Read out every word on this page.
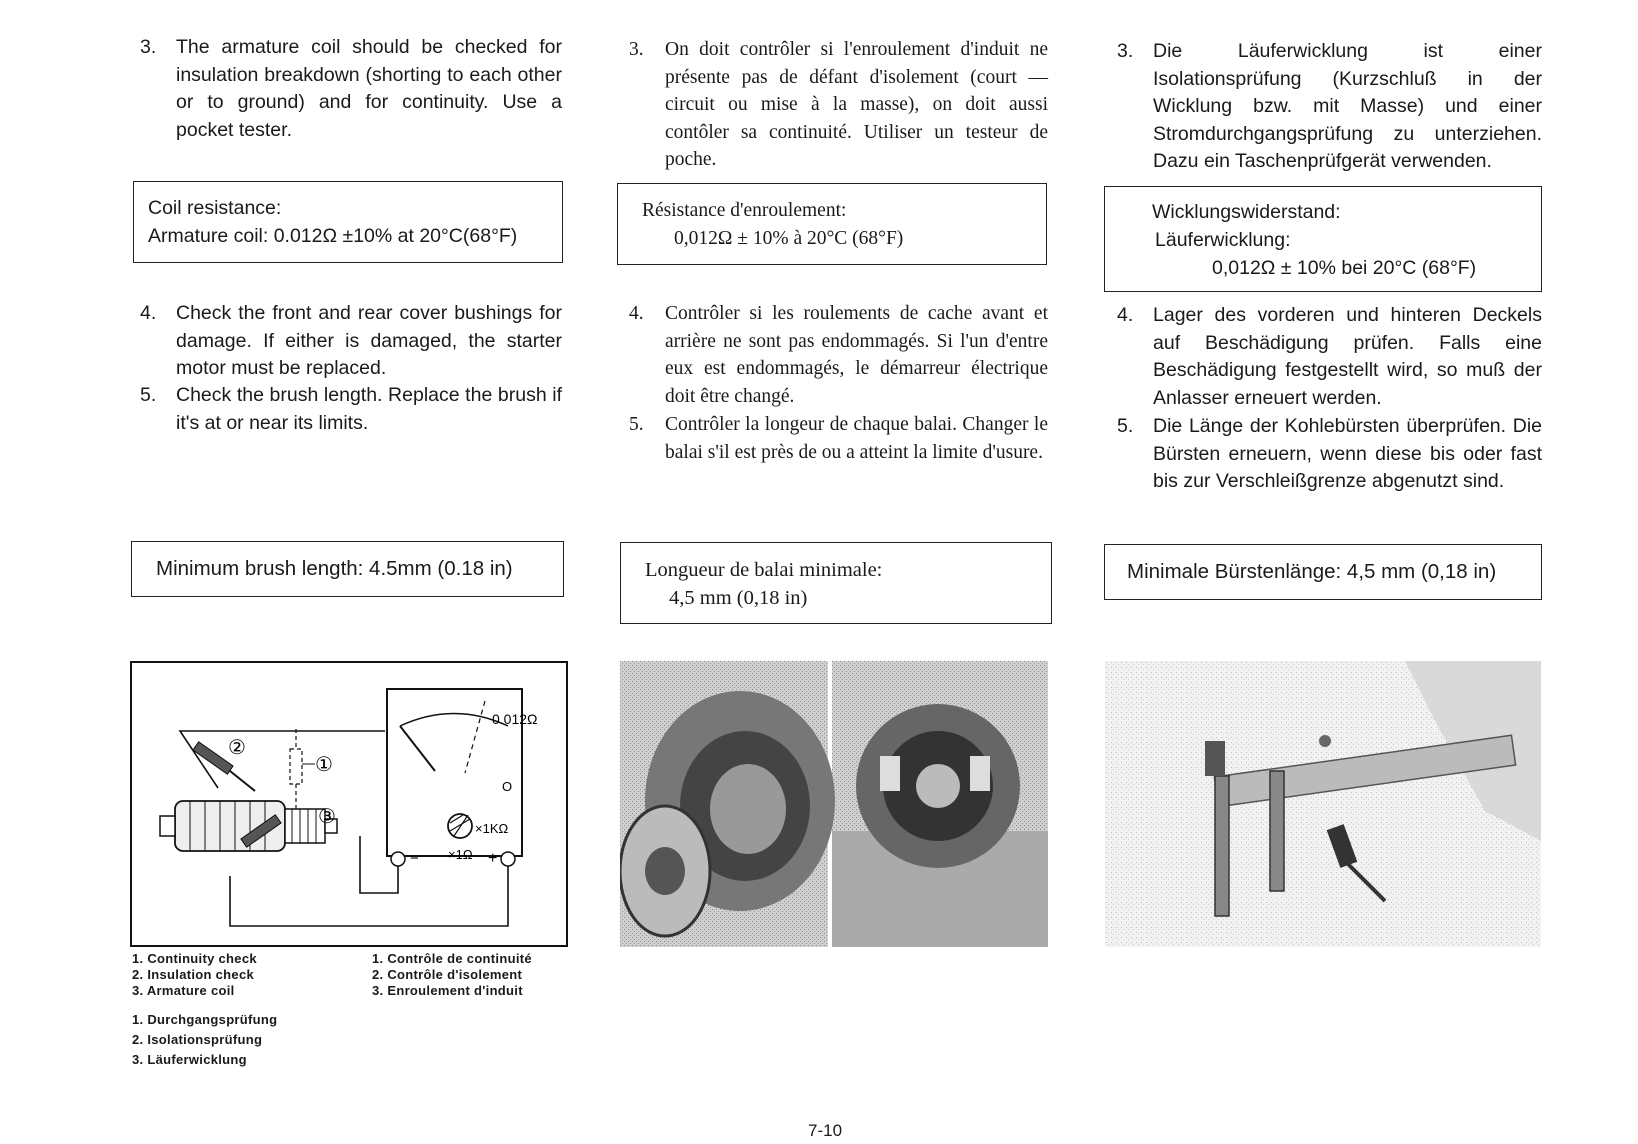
3. The armature coil should be checked for insulation breakdown (shorting to each other or to ground) and for continuity. Use a pocket tester.
Coil resistance:
Armature coil: 0.012Ω ±10% at 20°C(68°F)
4. Check the front and rear cover bushings for damage. If either is damaged, the starter motor must be replaced.
5. Check the brush length. Replace the brush if it's at or near its limits.
Minimum brush length: 4.5mm (0.18 in)
0.012Ω
O
×1KΩ
×1Ω
−	+
①
②
③
1. Continuity check
2. Insulation check
3. Armature coil
1. Contrôle de continuité
2. Contrôle d'isolement
3. Enroulement d'induit
1. Durchgangsprüfung
2. Isolationsprüfung
3. Läuferwicklung
3. On doit contrôler si l'enroulement d'induit ne présente pas de défant d'isolement (court — circuit ou mise à la masse), on doit aussi contôler sa continuité. Utiliser un testeur de poche.
Résistance d'enroulement:
0,012Ω ± 10% à 20°C (68°F)
4. Contrôler si les roulements de cache avant et arrière ne sont pas endommagés. Si l'un d'entre eux est endommagés, le démarreur électrique doit être changé.
5. Contrôler la longeur de chaque balai. Changer le balai s'il est près de ou a atteint la limite d'usure.
Longueur de balai minimale:
4,5 mm (0,18 in)
3. Die Läuferwicklung ist einer Isolationsprüfung (Kurzschluß in der Wicklung bzw. mit Masse) und einer Stromdurchgangsprüfung zu unterziehen. Dazu ein Taschenprüfgerät verwenden.
Wicklungswiderstand:
Läuferwicklung:
0,012Ω ± 10% bei 20°C (68°F)
4. Lager des vorderen und hinteren Deckels auf Beschädigung prüfen. Falls eine Beschädigung festgestellt wird, so muß der Anlasser erneuert werden.
5. Die Länge der Kohlebürsten überprüfen. Die Bürsten erneuern, wenn diese bis oder fast bis zur Verschleißgrenze abgenutzt sind.
Minimale Bürstenlänge: 4,5 mm (0,18 in)
7-10
